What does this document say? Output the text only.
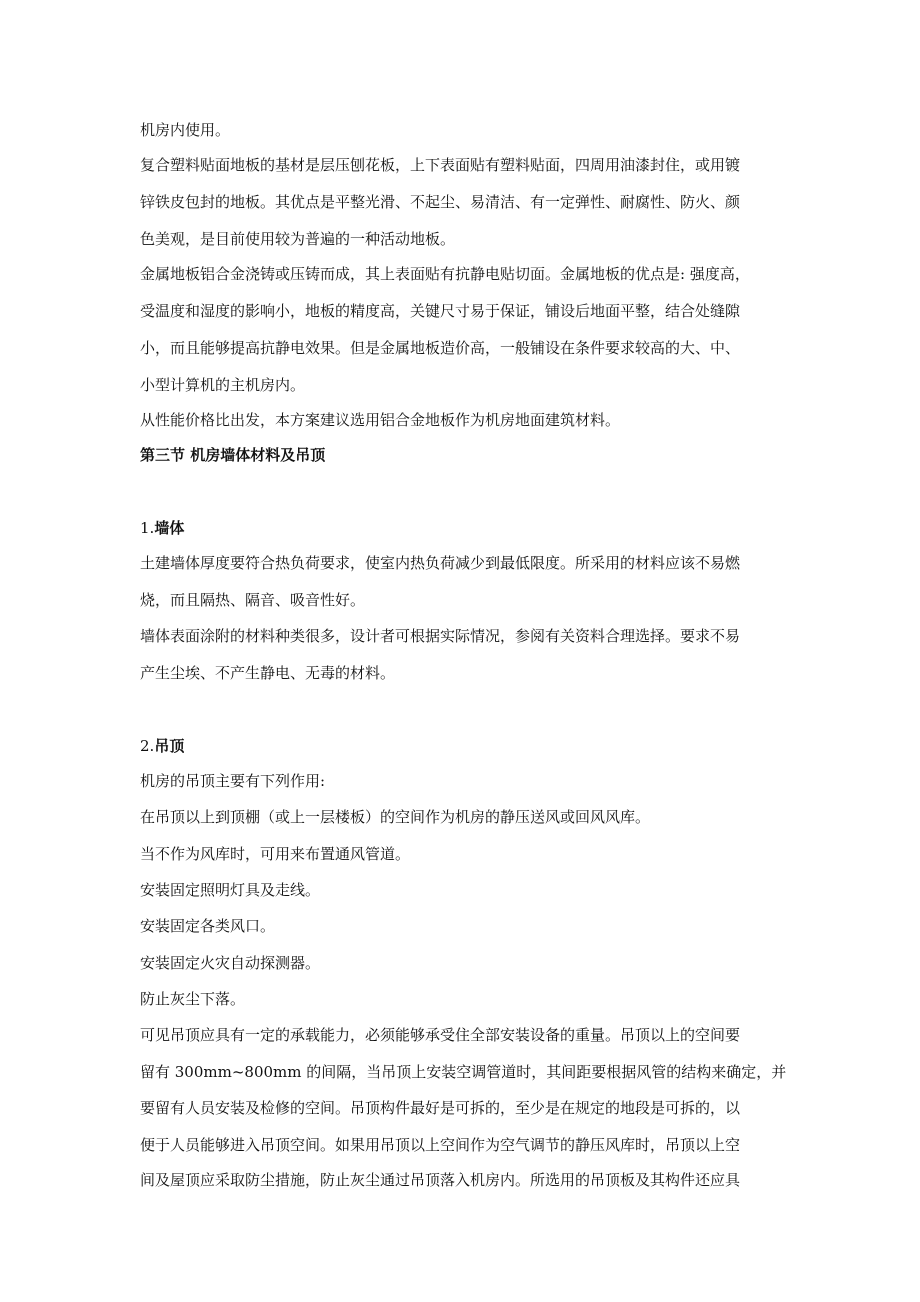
机房内使用。
复合塑料贴面地板的基材是层压刨花板，上下表面贴有塑料贴面，四周用油漆封住，或用镀
锌铁皮包封的地板。其优点是平整光滑、不起尘、易清洁、有一定弹性、耐腐性、防火、颜
色美观，是目前使用较为普遍的一种活动地板。
金属地板铝合金浇铸或压铸而成，其上表面贴有抗静电贴切面。金属地板的优点是: 强度高，
受温度和湿度的影响小，地板的精度高，关键尺寸易于保证，铺设后地面平整，结合处缝隙
小，而且能够提高抗静电效果。但是金属地板造价高，一般铺设在条件要求较高的大、中、
小型计算机的主机房内。
从性能价格比出发，本方案建议选用铝合金地板作为机房地面建筑材料。
第三节 机房墙体材料及吊顶
1.墙体
土建墙体厚度要符合热负荷要求，使室内热负荷减少到最低限度。所采用的材料应该不易燃
烧，而且隔热、隔音、吸音性好。
墙体表面涂附的材料种类很多，设计者可根据实际情况，参阅有关资料合理选择。要求不易
产生尘埃、不产生静电、无毒的材料。
2.吊顶
机房的吊顶主要有下列作用:
在吊顶以上到顶棚（或上一层楼板）的空间作为机房的静压送风或回风风库。
当不作为风库时，可用来布置通风管道。
安装固定照明灯具及走线。
安装固定各类风口。
安装固定火灾自动探测器。
防止灰尘下落。
可见吊顶应具有一定的承载能力，必须能够承受住全部安装设备的重量。吊顶以上的空间要
留有 300mm~800mm 的间隔，当吊顶上安装空调管道时，其间距要根据风管的结构来确定，并
要留有人员安装及检修的空间。吊顶构件最好是可拆的，至少是在规定的地段是可拆的，以
便于人员能够进入吊顶空间。如果用吊顶以上空间作为空气调节的静压风库时，吊顶以上空
间及屋顶应采取防尘措施，防止灰尘通过吊顶落入机房内。所选用的吊顶板及其构件还应具
